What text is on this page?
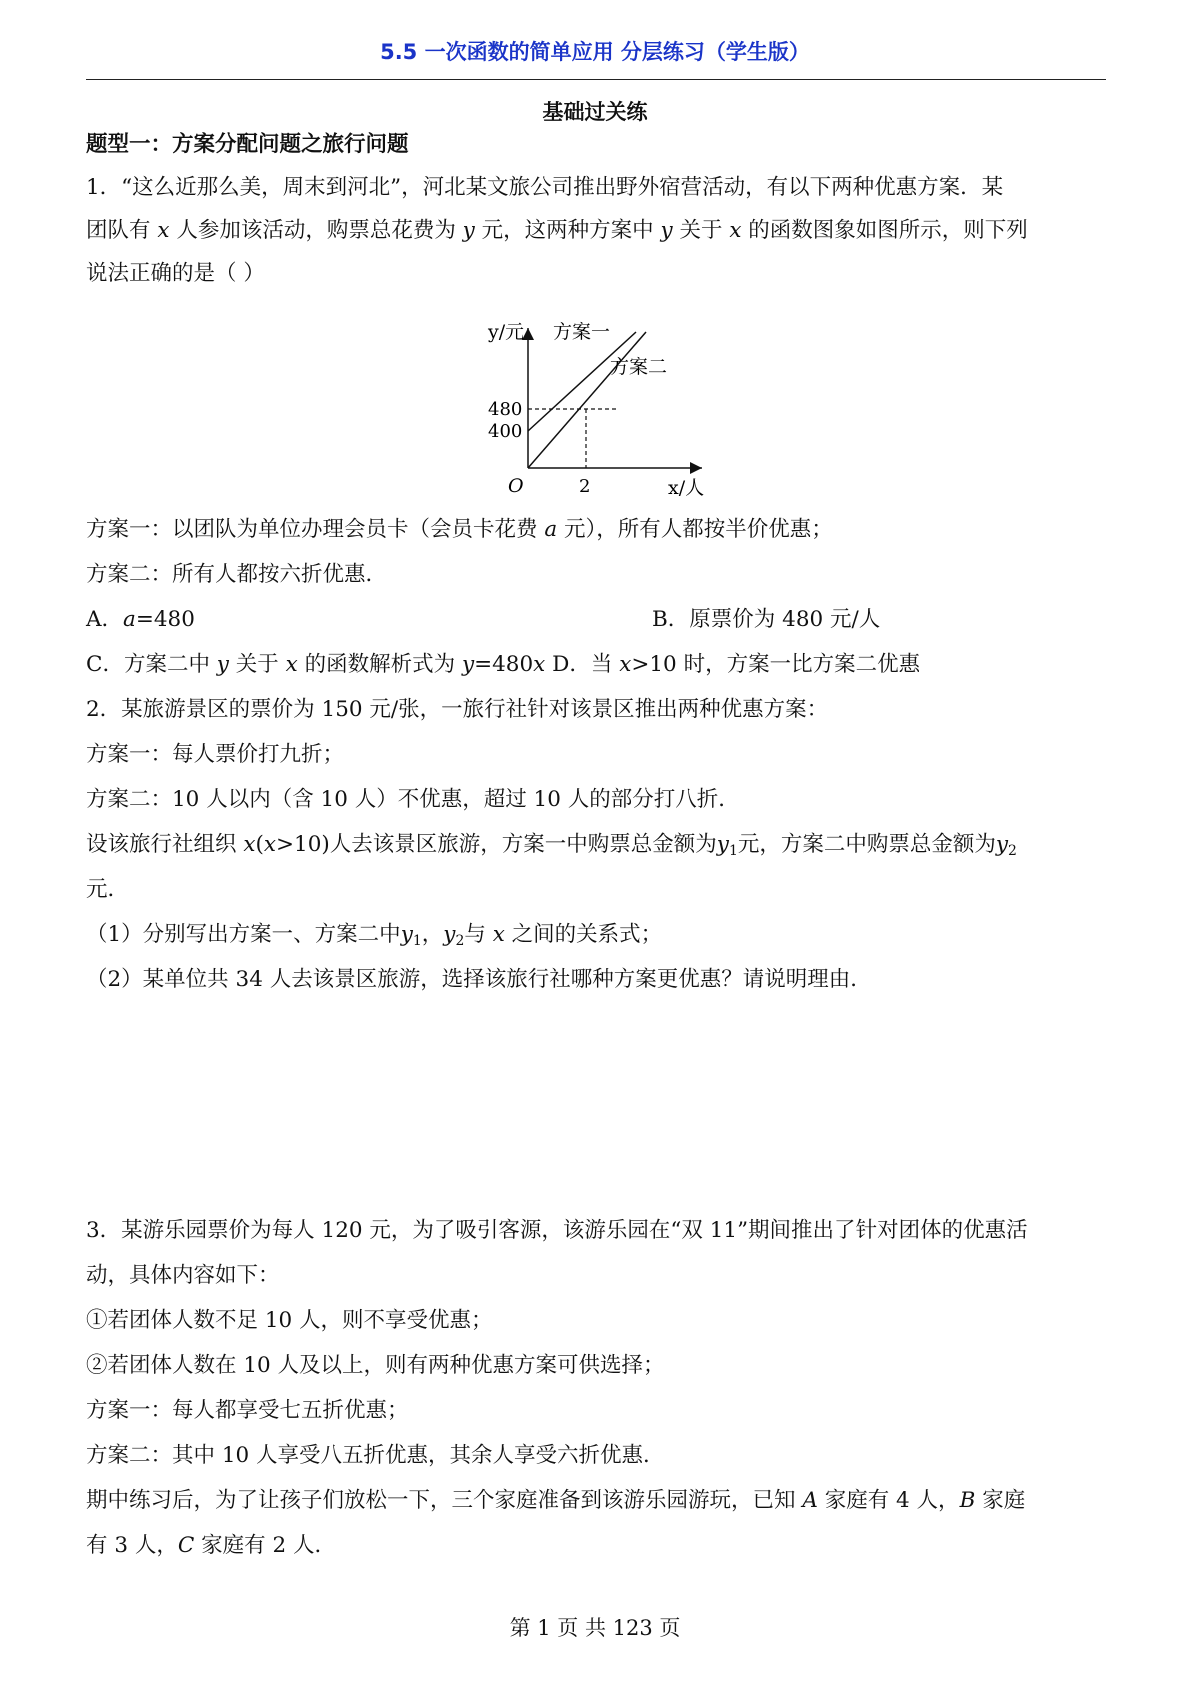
5.5 一次函数的简单应用 分层练习（学生版）
基础过关练
题型一：方案分配问题之旅行问题
1．“这么近那么美，周末到河北”，河北某文旅公司推出野外宿营活动，有以下两种优惠方案．某
团队有 x 人参加该活动，购票总花费为 y 元，这两种方案中 y 关于 x 的函数图象如图所示，则下列
说法正确的是（ ）
y/元 方案一
方案二
480
400
O	2	x/人
方案一：以团队为单位办理会员卡（会员卡花费 a 元），所有人都按半价优惠；
方案二：所有人都按六折优惠．
A．a=480	B．原票价为 480 元/人
C．方案二中 y 关于 x 的函数解析式为 y=480x D．当 x>10 时，方案一比方案二优惠
2．某旅游景区的票价为 150 元/张，一旅行社针对该景区推出两种优惠方案：
方案一：每人票价打九折；
方案二：10 人以内（含 10 人）不优惠，超过 10 人的部分打八折．
设该旅行社组织 x(x>10)人去该景区旅游，方案一中购票总金额为$y_1$元，方案二中购票总金额为$y_2$
元．
（1）分别写出方案一、方案二中$y_1$，$y_2$与 x 之间的关系式；
（2）某单位共 34 人去该景区旅游，选择该旅行社哪种方案更优惠？请说明理由．
3．某游乐园票价为每人 120 元，为了吸引客源，该游乐园在“双 11”期间推出了针对团体的优惠活
动，具体内容如下：
①若团体人数不足 10 人，则不享受优惠；
②若团体人数在 10 人及以上，则有两种优惠方案可供选择；
方案一：每人都享受七五折优惠；
方案二：其中 10 人享受八五折优惠，其余人享受六折优惠．
期中练习后，为了让孩子们放松一下，三个家庭准备到该游乐园游玩，已知 A 家庭有 4 人，B 家庭
有 3 人，C 家庭有 2 人．
第 1 页 共 123 页
